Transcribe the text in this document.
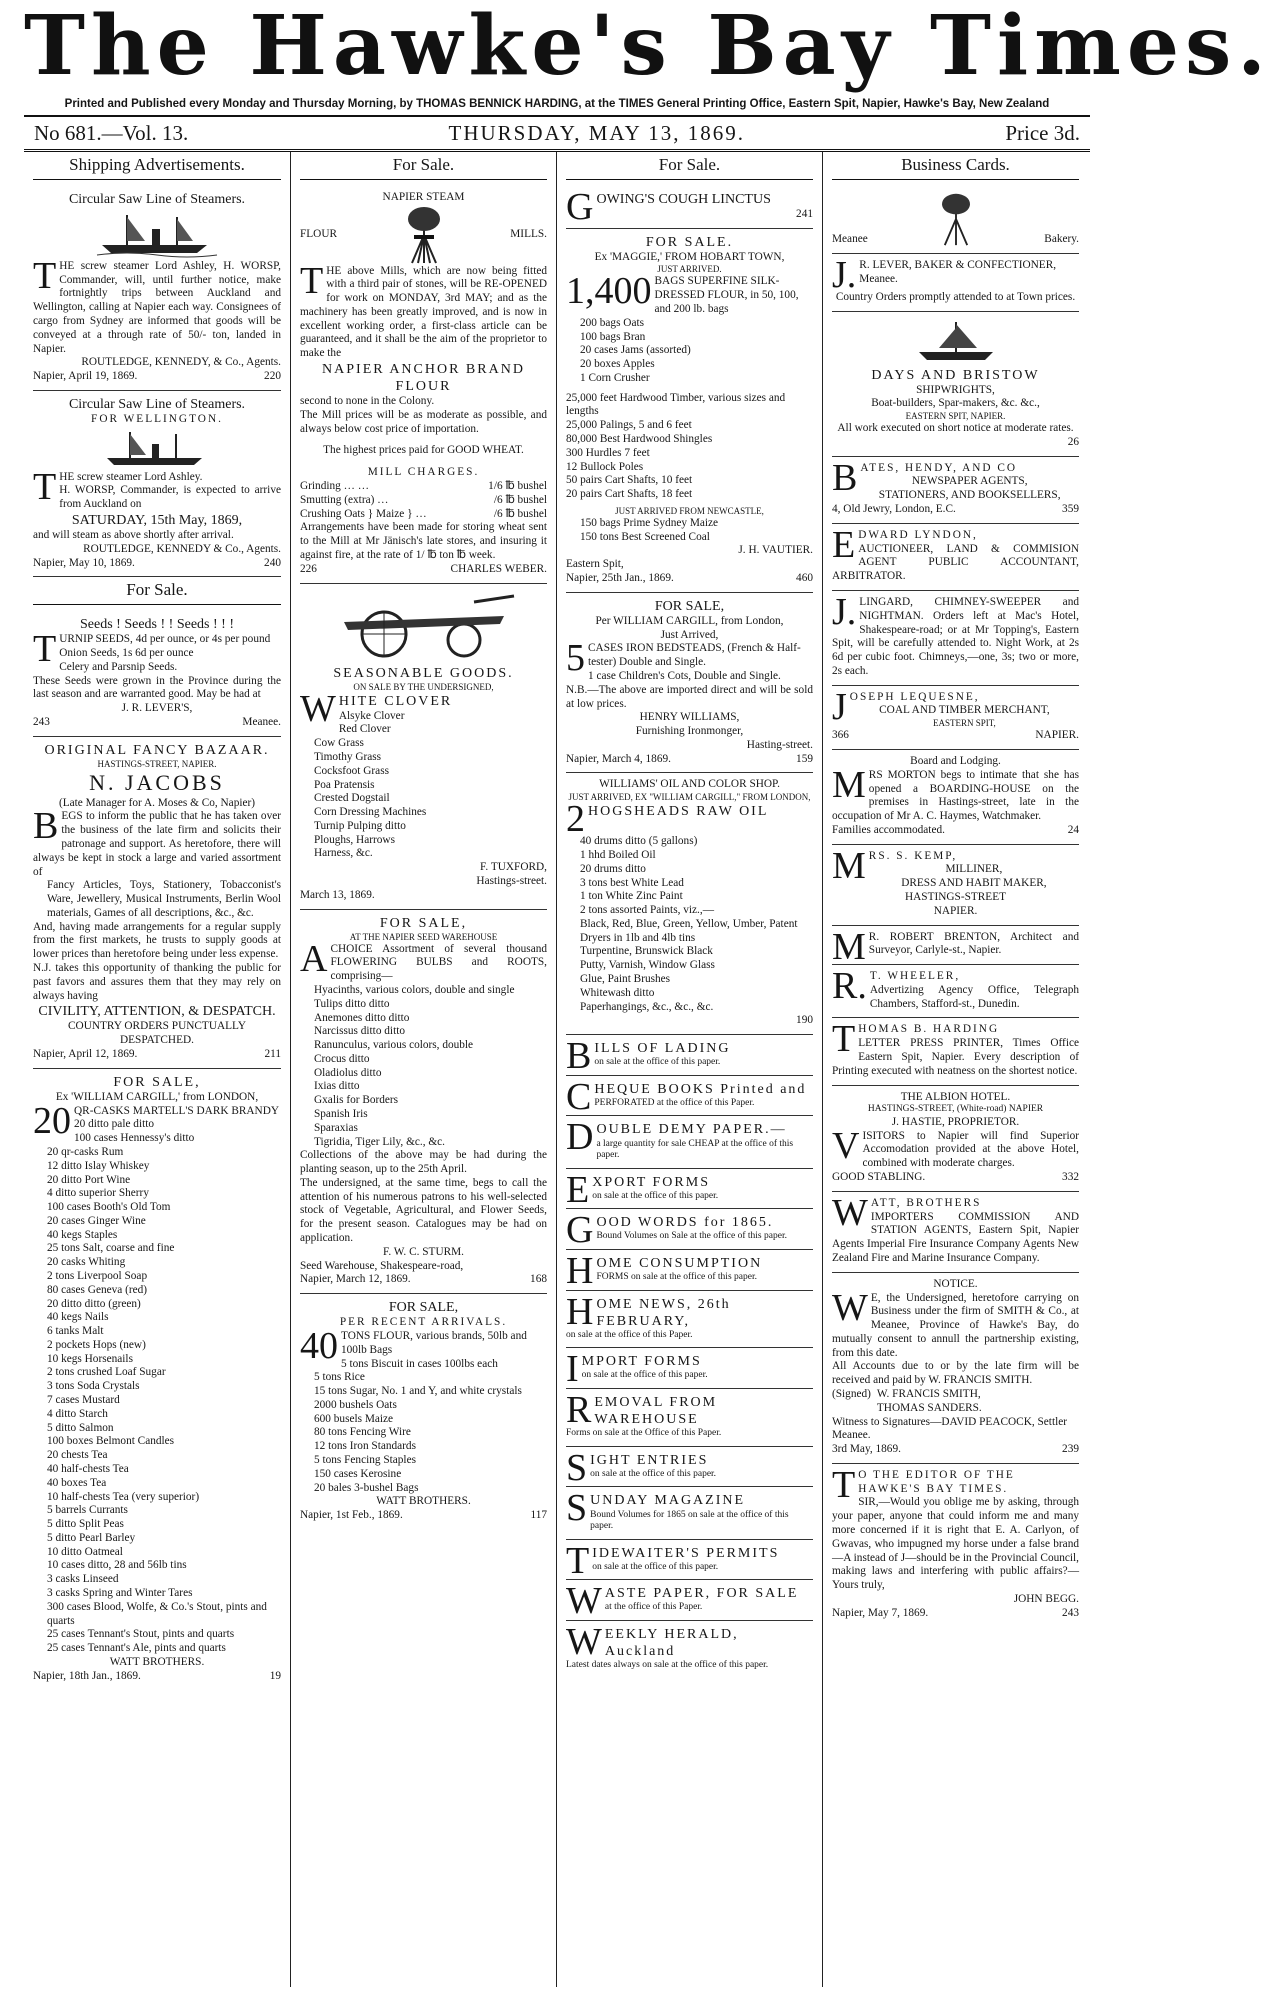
The Hawke's Bay Times.
Printed and Published every Monday and Thursday Morning, by THOMAS BENNICK HARDING, at the TIMES General Printing Office, Eastern Spit, Napier, Hawke's Bay, New Zealand
No 681.—Vol. 13.	THURSDAY, MAY 13, 1869.	Price 3d.
Shipping Advertisements.
Circular Saw Line of Steamers.
THE screw steamer Lord Ashley, H. WORSP, Commander, will, until further notice, make fortnightly trips between Auckland and Wellington, calling at Napier each way. Consignees of cargo from Sydney are informed that goods will be conveyed at a through rate of 50/- ton, landed in Napier.
ROUTLEDGE, KENNEDY, & Co., Agents.
Napier, April 19, 1869.	220
Circular Saw Line of Steamers.
FOR WELLINGTON.
THE screw steamer Lord Ashley.
H. WORSP, Commander, is expected to arrive from Auckland on
SATURDAY, 15th May, 1869,
and will steam as above shortly after arrival.
ROUTLEDGE, KENNEDY & Co., Agents.
Napier, May 10, 1869.	240
For Sale.
Seeds ! Seeds ! ! Seeds ! ! !
TURNIP SEEDS, 4d per ounce, or 4s per pound
Onion Seeds, 1s 6d per ounce
Celery and Parsnip Seeds.
These Seeds were grown in the Province during the last season and are warranted good. May be had at
J. R. LEVER'S,
243	Meanee.
ORIGINAL FANCY BAZAAR.
HASTINGS-STREET, NAPIER.
N. JACOBS
(Late Manager for A. Moses & Co, Napier)
BEGS to inform the public that he has taken over the business of the late firm and solicits their patronage and support. As heretofore, there will always be kept in stock a large and varied assortment of
Fancy Articles, Toys, Stationery, Tobacconist's Ware, Jewellery, Musical Instruments, Berlin Wool materials, Games of all descriptions, &c., &c.
And, having made arrangements for a regular supply from the first markets, he trusts to supply goods at lower prices than heretofore being under less expense.
N.J. takes this opportunity of thanking the public for past favors and assures them that they may rely on always having
CIVILITY, ATTENTION, & DESPATCH.
COUNTRY ORDERS PUNCTUALLY DESPATCHED.
Napier, April 12, 1869.	211
FOR SALE,
Ex 'WILLIAM CARGILL,' from LONDON,
20 QR-CASKS MARTELL'S DARK BRANDY
20 ditto pale ditto
100 cases Hennessy's ditto
20 qr-casks Rum
12 ditto Islay Whiskey
20 ditto Port Wine
4 ditto superior Sherry
100 cases Booth's Old Tom
20 cases Ginger Wine
40 kegs Staples
25 tons Salt, coarse and fine
20 casks Whiting
2 tons Liverpool Soap
80 cases Geneva (red)
20 ditto ditto (green)
40 kegs Nails
6 tanks Malt
2 pockets Hops (new)
10 kegs Horsenails
2 tons crushed Loaf Sugar
3 tons Soda Crystals
7 cases Mustard
4 ditto Starch
5 ditto Salmon
100 boxes Belmont Candles
20 chests Tea
40 half-chests Tea
40 boxes Tea
10 half-chests Tea (very superior)
5 barrels Currants
5 ditto Split Peas
5 ditto Pearl Barley
10 ditto Oatmeal
10 cases ditto, 28 and 56lb tins
3 casks Linseed
3 casks Spring and Winter Tares
300 cases Blood, Wolfe, & Co.'s Stout, pints and quarts
25 cases Tennant's Stout, pints and quarts
25 cases Tennant's Ale, pints and quarts
WATT BROTHERS.
Napier, 18th Jan., 1869.	19
For Sale.
NAPIER STEAM
FLOUR	MILLS.
THE above Mills, which are now being fitted with a third pair of stones, will be RE-OPENED for work on MONDAY, 3rd MAY; and as the machinery has been greatly improved, and is now in excellent working order, a first-class article can be guaranteed, and it shall be the aim of the proprietor to make the
NAPIER ANCHOR BRAND FLOUR
second to none in the Colony.
The Mill prices will be as moderate as possible, and always below cost price of importation.
The highest prices paid for GOOD WHEAT.
MILL CHARGES.
Grinding … …	1/6 ℔ bushel
Smutting (extra) …	/6 ℔ bushel
Crushing Oats } Maize } …	/6 ℔ bushel
Arrangements have been made for storing wheat sent to the Mill at Mr Jänisch's late stores, and insuring it against fire, at the rate of 1/ ℔ ton ℔ week.
226	CHARLES WEBER.
SEASONABLE GOODS.
ON SALE BY THE UNDERSIGNED,
WHITE CLOVER
Alsyke Clover
Red Clover
Cow Grass
Timothy Grass
Cocksfoot Grass
Poa Pratensis
Crested Dogstail
Corn Dressing Machines
Turnip Pulping ditto
Ploughs, Harrows
Harness, &c.
F. TUXFORD,
Hastings-street.
March 13, 1869.
FOR SALE,
AT THE NAPIER SEED WAREHOUSE
ACHOICE Assortment of several thousand FLOWERING BULBS and ROOTS, comprising—
Hyacinths, various colors, double and single
Tulips ditto ditto
Anemones ditto ditto
Narcissus ditto ditto
Ranunculus, various colors, double
Crocus ditto
Oladiolus ditto
Ixias ditto
Gxalis for Borders
Spanish Iris
Sparaxias
Tigridia, Tiger Lily, &c., &c.
Collections of the above may be had during the planting season, up to the 25th April.
The undersigned, at the same time, begs to call the attention of his numerous patrons to his well-selected stock of Vegetable, Agricultural, and Flower Seeds, for the present season. Catalogues may be had on application.
F. W. C. STURM.
Seed Warehouse, Shakespeare-road,
Napier, March 12, 1869.	168
FOR SALE,
PER RECENT ARRIVALS.
40 TONS FLOUR, various brands, 50lb and 100lb Bags
5 tons Biscuit in cases 100lbs each
5 tons Rice
15 tons Sugar, No. 1 and Y, and white crystals
2000 bushels Oats
600 busels Maize
80 tons Fencing Wire
12 tons Iron Standards
5 tons Fencing Staples
150 cases Kerosine
20 bales 3-bushel Bags
WATT BROTHERS.
Napier, 1st Feb., 1869.	117
For Sale.
GOWING'S COUGH LINCTUS
241
FOR SALE.
Ex 'MAGGIE,' FROM HOBART TOWN,
JUST ARRIVED.
1,400 BAGS SUPERFINE SILK-DRESSED FLOUR, in 50, 100, and 200 lb. bags
200 bags Oats
100 bags Bran
20 cases Jams (assorted)
20 boxes Apples
1 Corn Crusher
25,000 feet Hardwood Timber, various sizes and lengths
25,000 Palings, 5 and 6 feet
80,000 Best Hardwood Shingles
300 Hurdles 7 feet
12 Bullock Poles
50 pairs Cart Shafts, 10 feet
20 pairs Cart Shafts, 18 feet
JUST ARRIVED FROM NEWCASTLE,
150 bags Prime Sydney Maize
150 tons Best Screened Coal
J. H. VAUTIER.
Eastern Spit,
Napier, 25th Jan., 1869.	460
FOR SALE,
Per WILLIAM CARGILL, from London,
Just Arrived,
5 CASES IRON BEDSTEADS, (French & Half-tester) Double and Single.
1 case Children's Cots, Double and Single.
N.B.—The above are imported direct and will be sold at low prices.
HENRY WILLIAMS,
Furnishing Ironmonger,
Hasting-street.
Napier, March 4, 1869.	159
WILLIAMS' OIL AND COLOR SHOP.
JUST ARRIVED, EX "WILLIAM CARGILL," FROM LONDON,
2 HOGSHEADS RAW OIL
40 drums ditto (5 gallons)
1 hhd Boiled Oil
20 drums ditto
3 tons best White Lead
1 ton White Zinc Paint
2 tons assorted Paints, viz.,—
Black, Red, Blue, Green, Yellow, Umber, Patent Dryers in 1lb and 4lb tins
Turpentine, Brunswick Black
Putty, Varnish, Window Glass
Glue, Paint Brushes
Whitewash ditto
Paperhangings, &c., &c., &c.
190
BILLS OF LADING
on sale at the office of this paper.
CHEQUE BOOKS Printed and
PERFORATED at the office of this Paper.
DOUBLE DEMY PAPER.—
a large quantity for sale CHEAP at the office of this paper.
EXPORT FORMS
on sale at the office of this paper.
GOOD WORDS for 1865.
Bound Volumes on Sale at the office of this paper.
HOME CONSUMPTION
FORMS on sale at the office of this paper.
HOME NEWS, 26th FEBRUARY,
on sale at the office of this Paper.
IMPORT FORMS
on sale at the office of this paper.
REMOVAL FROM WAREHOUSE
Forms on sale at the Office of this Paper.
SIGHT ENTRIES
on sale at the office of this paper.
SUNDAY MAGAZINE
Bound Volumes for 1865 on sale at the office of this paper.
TIDEWAITER'S PERMITS
on sale at the office of this paper.
WASTE PAPER, FOR SALE
at the office of this Paper.
WEEKLY HERALD, Auckland
Latest dates always on sale at the office of this paper.
Business Cards.
Meanee	Bakery.
J. R. LEVER, BAKER & CONFECTIONER, Meanee.
Country Orders promptly attended to at Town prices.
DAYS AND BRISTOW
SHIPWRIGHTS,
Boat-builders, Spar-makers, &c. &c.,
EASTERN SPIT, NAPIER.
All work executed on short notice at moderate rates.
26
BATES, HENDY, AND CO
NEWSPAPER AGENTS,
STATIONERS, AND BOOKSELLERS,
4, Old Jewry, London, E.C.	359
EDWARD LYNDON,
AUCTIONEER, LAND & COMMISION AGENT PUBLIC ACCOUNTANT, ARBITRATOR.
J. LINGARD, CHIMNEY-SWEEPER and NIGHTMAN. Orders left at Mac's Hotel, Shakespeare-road; or at Mr Topping's, Eastern Spit, will be carefully attended to. Night Work, at 2s 6d per cubic foot. Chimneys,—one, 3s; two or more, 2s each.
JOSEPH LEQUESNE,
COAL AND TIMBER MERCHANT,
EASTERN SPIT,
366	NAPIER.
Board and Lodging.
MRS MORTON begs to intimate that she has opened a BOARDING-HOUSE on the premises in Hastings-street, late in the occupation of Mr A. C. Haymes, Watchmaker.
Families accommodated.	24
MRS. S. KEMP,
MILLINER,
DRESS AND HABIT MAKER,
HASTINGS-STREET
NAPIER.
M R. ROBERT BRENTON, Architect and Surveyor, Carlyle-st., Napier.
R. T. WHEELER,
Advertizing Agency Office, Telegraph Chambers, Stafford-st., Dunedin.
THOMAS B. HARDING
LETTER PRESS PRINTER, Times Office Eastern Spit, Napier. Every description of Printing executed with neatness on the shortest notice.
THE ALBION HOTEL.
HASTINGS-STREET, (White-road) NAPIER
J. HASTIE, PROPRIETOR.
VISITORS to Napier will find Superior Accomodation provided at the above Hotel, combined with moderate charges.
GOOD STABLING.	332
WATT, BROTHERS
IMPORTERS COMMISSION AND STATION AGENTS, Eastern Spit, Napier Agents Imperial Fire Insurance Company Agents New Zealand Fire and Marine Insurance Company.
NOTICE.
W E, the Undersigned, heretofore carrying on Business under the firm of SMITH & Co., at Meanee, Province of Hawke's Bay, do mutually consent to annull the partnership existing, from this date.
All Accounts due to or by the late firm will be received and paid by W. FRANCIS SMITH.
(Signed) W. FRANCIS SMITH,
THOMAS SANDERS.
Witness to Signatures—DAVID PEACOCK, Settler Meanee.
3rd May, 1869.	239
T O THE EDITOR OF THE HAWKE'S BAY TIMES.
SIR,—Would you oblige me by asking, through your paper, anyone that could inform me and many more concerned if it is right that E. A. Carlyon, of Gwavas, who impugned my horse under a false brand—A instead of J—should be in the Provincial Council, making laws and interfering with public affairs?—Yours truly,
JOHN BEGG.
Napier, May 7, 1869.	243
